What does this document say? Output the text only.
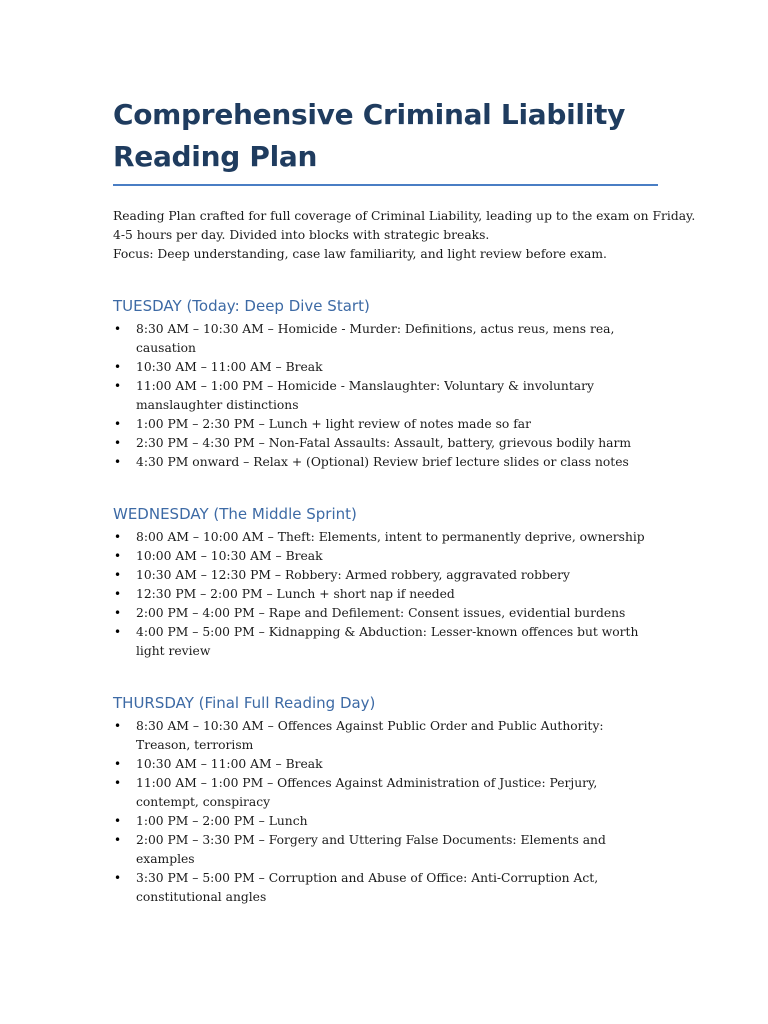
Comprehensive Criminal Liability Reading Plan
Reading Plan crafted for full coverage of Criminal Liability, leading up to the exam on Friday.
4-5 hours per day. Divided into blocks with strategic breaks.
Focus: Deep understanding, case law familiarity, and light review before exam.
TUESDAY (Today: Deep Dive Start)
• 8:30 AM – 10:30 AM – Homicide - Murder: Definitions, actus reus, mens rea, causation
• 10:30 AM – 11:00 AM – Break
• 11:00 AM – 1:00 PM – Homicide - Manslaughter: Voluntary & involuntary manslaughter distinctions
• 1:00 PM – 2:30 PM – Lunch + light review of notes made so far
• 2:30 PM – 4:30 PM – Non-Fatal Assaults: Assault, battery, grievous bodily harm
• 4:30 PM onward – Relax + (Optional) Review brief lecture slides or class notes
WEDNESDAY (The Middle Sprint)
• 8:00 AM – 10:00 AM – Theft: Elements, intent to permanently deprive, ownership
• 10:00 AM – 10:30 AM – Break
• 10:30 AM – 12:30 PM – Robbery: Armed robbery, aggravated robbery
• 12:30 PM – 2:00 PM – Lunch + short nap if needed
• 2:00 PM – 4:00 PM – Rape and Defilement: Consent issues, evidential burdens
• 4:00 PM – 5:00 PM – Kidnapping & Abduction: Lesser-known offences but worth light review
THURSDAY (Final Full Reading Day)
• 8:30 AM – 10:30 AM – Offences Against Public Order and Public Authority: Treason, terrorism
• 10:30 AM – 11:00 AM – Break
• 11:00 AM – 1:00 PM – Offences Against Administration of Justice: Perjury, contempt, conspiracy
• 1:00 PM – 2:00 PM – Lunch
• 2:00 PM – 3:30 PM – Forgery and Uttering False Documents: Elements and examples
• 3:30 PM – 5:00 PM – Corruption and Abuse of Office: Anti-Corruption Act, constitutional angles
